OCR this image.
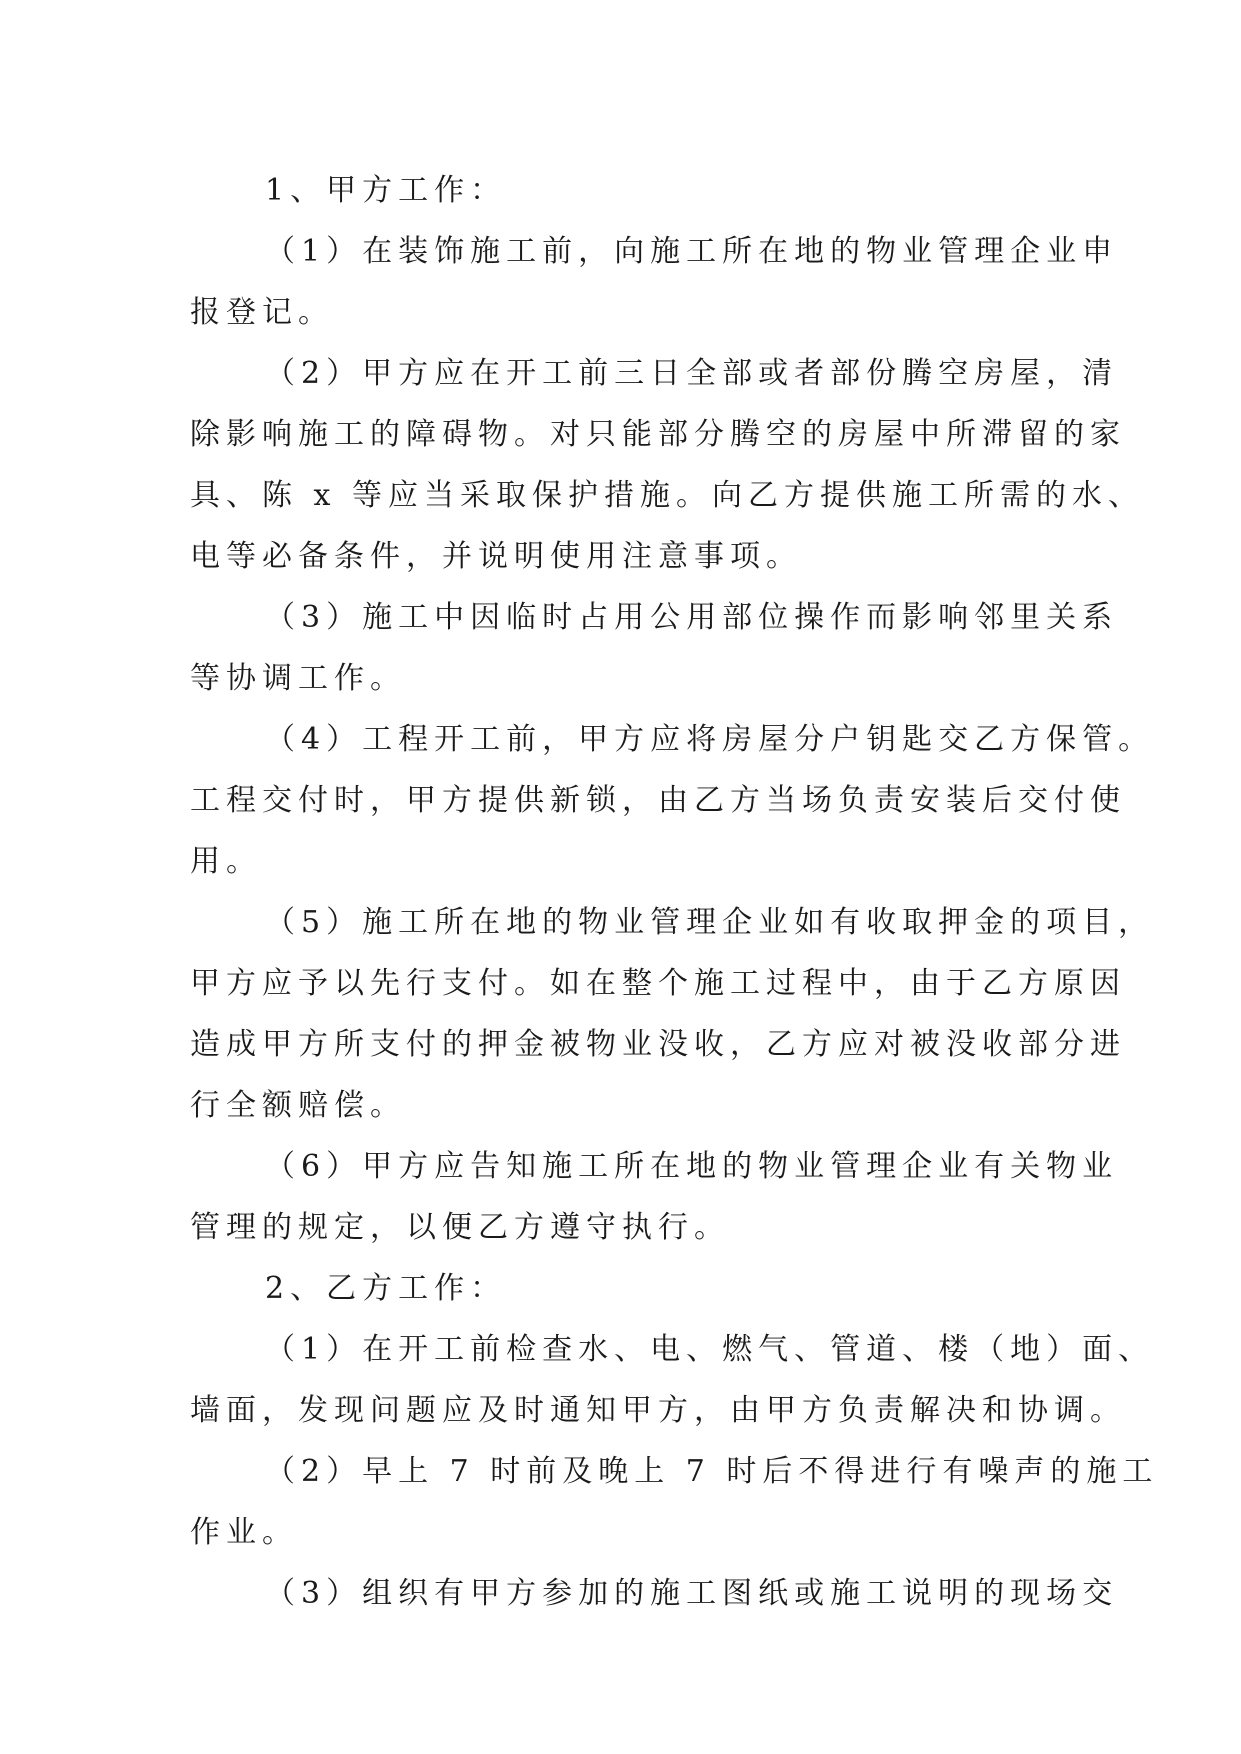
1、甲方工作：
（1）在装饰施工前，向施工所在地的物业管理企业申
报登记。
（2）甲方应在开工前三日全部或者部份腾空房屋，清
除影响施工的障碍物。对只能部分腾空的房屋中所滞留的家
具、陈 x 等应当采取保护措施。向乙方提供施工所需的水、
电等必备条件，并说明使用注意事项。
（3）施工中因临时占用公用部位操作而影响邻里关系
等协调工作。
（4）工程开工前，甲方应将房屋分户钥匙交乙方保管。
工程交付时，甲方提供新锁，由乙方当场负责安装后交付使
用。
（5）施工所在地的物业管理企业如有收取押金的项目，
甲方应予以先行支付。如在整个施工过程中，由于乙方原因
造成甲方所支付的押金被物业没收，乙方应对被没收部分进
行全额赔偿。
（6）甲方应告知施工所在地的物业管理企业有关物业
管理的规定，以便乙方遵守执行。
2、乙方工作：
（1）在开工前检查水、电、燃气、管道、楼（地）面、
墙面，发现问题应及时通知甲方，由甲方负责解决和协调。
（2）早上 7 时前及晚上 7 时后不得进行有噪声的施工
作业。
（3）组织有甲方参加的施工图纸或施工说明的现场交
